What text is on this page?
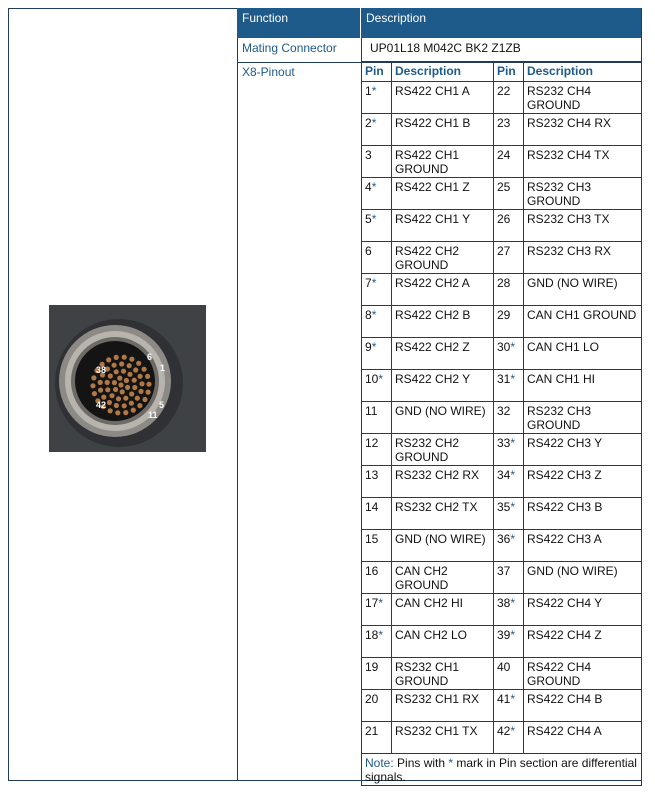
6
1
38
42	5
11
Function	Description
Mating Connector	UP01L18 M042C BK2 Z1ZB
X8-Pinout	Pin	Description	Pin	Description
1*	RS422 CH1 A	22	RS232 CH4 GROUND
2*	RS422 CH1 B	23	RS232 CH4 RX
3	RS422 CH1 GROUND	24	RS232 CH4 TX
4*	RS422 CH1 Z	25	RS232 CH3 GROUND
5*	RS422 CH1 Y	26	RS232 CH3 TX
6	RS422 CH2 GROUND	27	RS232 CH3 RX
7*	RS422 CH2 A	28	GND (NO WIRE)
8*	RS422 CH2 B	29	CAN CH1 GROUND
9*	RS422 CH2 Z	30*	CAN CH1 LO
10*	RS422 CH2 Y	31*	CAN CH1 HI
11	GND (NO WIRE)	32	RS232 CH3 GROUND
12	RS232 CH2 GROUND	33*	RS422 CH3 Y
13	RS232 CH2 RX	34*	RS422 CH3 Z
14	RS232 CH2 TX	35*	RS422 CH3 B
15	GND (NO WIRE)	36*	RS422 CH3 A
16	CAN CH2 GROUND	37	GND (NO WIRE)
17*	CAN CH2 HI	38*	RS422 CH4 Y
18*	CAN CH2 LO	39*	RS422 CH4 Z
19	RS232 CH1 GROUND	40	RS422 CH4 GROUND
20	RS232 CH1 RX	41*	RS422 CH4 B
21	RS232 CH1 TX	42*	RS422 CH4 A
Note: Pins with * mark in Pin section are differential signals.			
